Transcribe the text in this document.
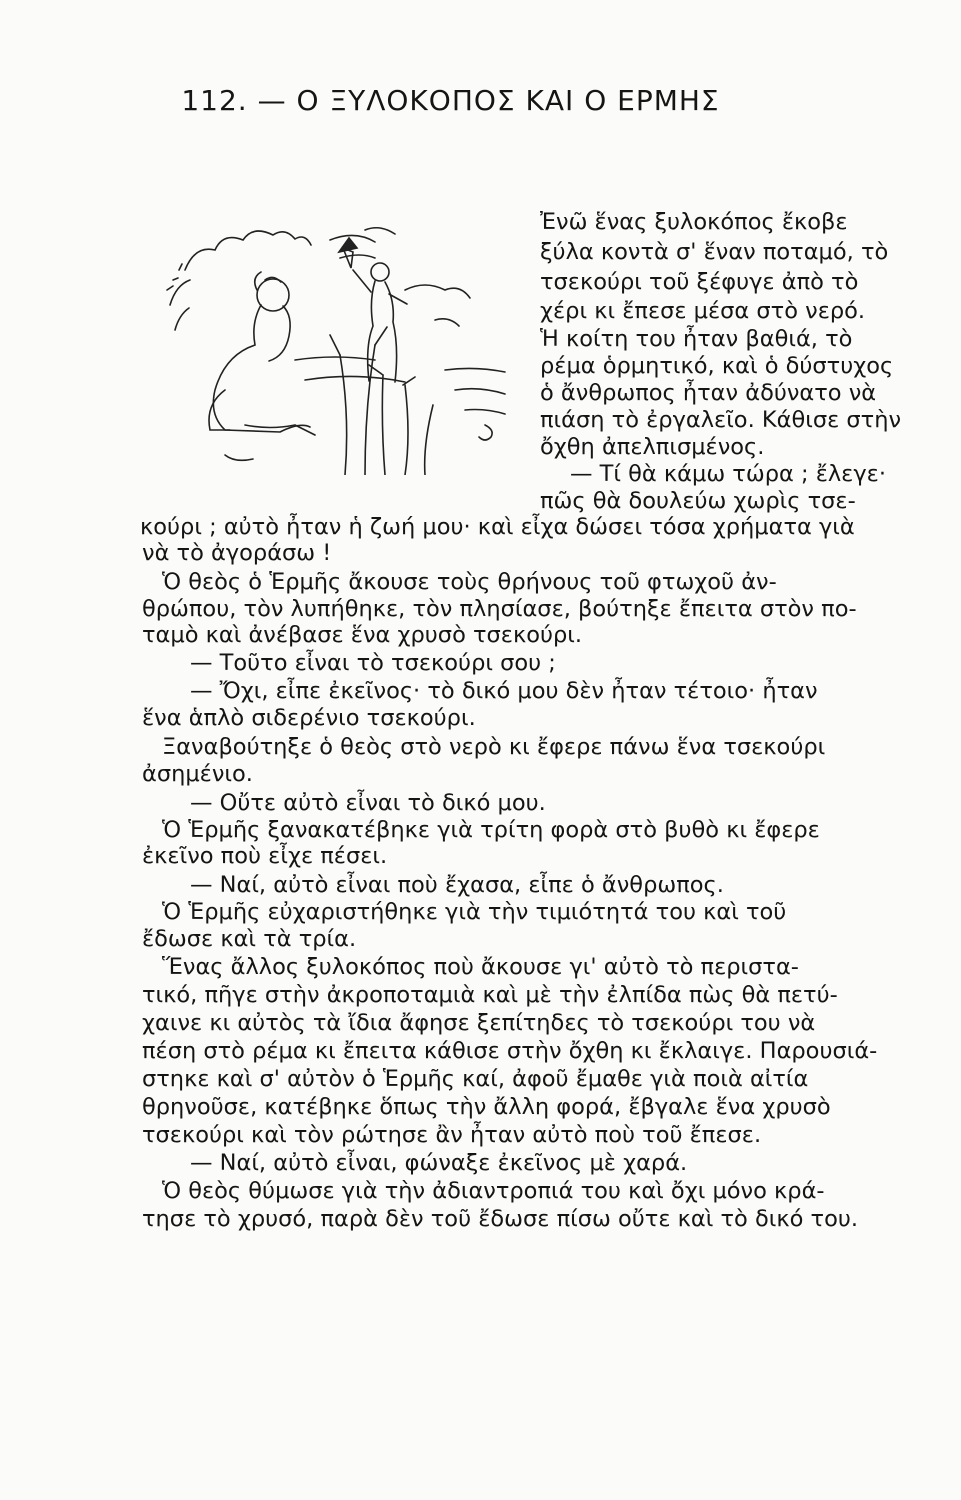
112. — Ο ΞΥΛΟΚΟΠΟΣ ΚΑΙ Ο ΕΡΜΗΣ
Ἐνῶ ἕνας ξυλοκόπος ἔκοβε
ξύλα κοντὰ σ' ἕναν ποταμό, τὸ
τσεκούρι τοῦ ξέφυγε ἀπὸ τὸ
χέρι κι ἔπεσε μέσα στὸ νερό.
Ἡ κοίτη του ἦταν βαθιά, τὸ
ρέμα ὁρμητικό, καὶ ὁ δύστυχος
ὁ ἄνθρωπος ἦταν ἀδύνατο νὰ
πιάση τὸ ἐργαλεῖο. Κάθισε στὴν
ὄχθη ἀπελπισμένος.
— Τί θὰ κάμω τώρα ; ἔλεγε·
πῶς θὰ δουλεύω χωρὶς τσε-
κούρι ; αὐτὸ ἦταν ἡ ζωή μου· καὶ εἶχα δώσει τόσα χρήματα γιὰ
νὰ τὸ ἀγοράσω !
Ὁ θεὸς ὁ Ἑρμῆς ἄκουσε τοὺς θρήνους τοῦ φτωχοῦ ἀν-
θρώπου, τὸν λυπήθηκε, τὸν πλησίασε, βούτηξε ἔπειτα στὸν πο-
ταμὸ καὶ ἀνέβασε ἕνα χρυσὸ τσεκούρι.
— Τοῦτο εἶναι τὸ τσεκούρι σου ;
— Ὄχι, εἶπε ἐκεῖνος· τὸ δικό μου δὲν ἦταν τέτοιο· ἦταν
ἕνα ἁπλὸ σιδερένιο τσεκούρι.
Ξαναβούτηξε ὁ θεὸς στὸ νερὸ κι ἔφερε πάνω ἕνα τσεκούρι
ἀσημένιο.
— Οὔτε αὐτὸ εἶναι τὸ δικό μου.
Ὁ Ἑρμῆς ξανακατέβηκε γιὰ τρίτη φορὰ στὸ βυθὸ κι ἔφερε
ἐκεῖνο ποὺ εἶχε πέσει.
— Ναί, αὐτὸ εἶναι ποὺ ἔχασα, εἶπε ὁ ἄνθρωπος.
Ὁ Ἑρμῆς εὐχαριστήθηκε γιὰ τὴν τιμιότητά του καὶ τοῦ
ἔδωσε καὶ τὰ τρία.
Ἕνας ἄλλος ξυλοκόπος ποὺ ἄκουσε γι' αὐτὸ τὸ περιστα-
τικό, πῆγε στὴν ἀκροποταμιὰ καὶ μὲ τὴν ἐλπίδα πὼς θὰ πετύ-
χαινε κι αὐτὸς τὰ ἴδια ἄφησε ξεπίτηδες τὸ τσεκούρι του νὰ
πέση στὸ ρέμα κι ἔπειτα κάθισε στὴν ὄχθη κι ἔκλαιγε. Παρουσιά-
στηκε καὶ σ' αὐτὸν ὁ Ἑρμῆς καί, ἀφοῦ ἔμαθε γιὰ ποιὰ αἰτία
θρηνοῦσε, κατέβηκε ὅπως τὴν ἄλλη φορά, ἔβγαλε ἕνα χρυσὸ
τσεκούρι καὶ τὸν ρώτησε ἂν ἦταν αὐτὸ ποὺ τοῦ ἔπεσε.
— Ναί, αὐτὸ εἶναι, φώναξε ἐκεῖνος μὲ χαρά.
Ὁ θεὸς θύμωσε γιὰ τὴν ἀδιαντροπιά του καὶ ὄχι μόνο κρά-
τησε τὸ χρυσό, παρὰ δὲν τοῦ ἔδωσε πίσω οὔτε καὶ τὸ δικό του.
